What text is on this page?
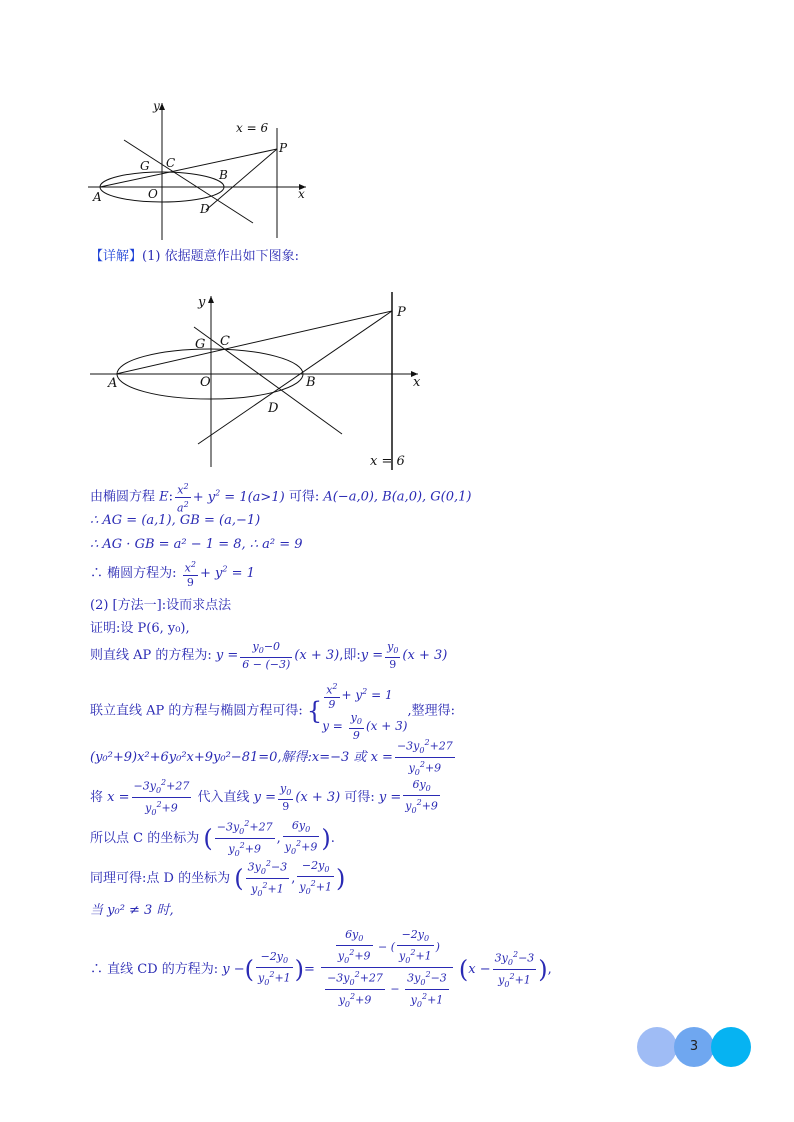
y
x
x = 6
P
C
G
B
O
A
D
【详解】(1) 依据题意作出如下图象:
y
x
x = 6
P
C
G
B
O
A
D
由椭圆方程 E: $\frac{x^2}{a^2} + y^2 = 1(a>1)$ 可得: A(−a,0), B(a,0), G(0,1)
∴ AG = (a,1), GB = (a,−1)
∴ AG · GB = a² − 1 = 8, ∴ a² = 9
∴ 椭圆方程为: $\frac{x^2}{9} + y^2 = 1$
(2) [方法一]:设而求点法
证明:设 P(6, y₀),
则直线 AP 的方程为: $y = \frac{y_0-0}{6 - (-3)} (x + 3)$,即:y = $\frac{y_0}{9} (x + 3)$
联立直线 AP 的方程与椭圆方程可得: {
$\frac{x^2}{9} + y^2 = 1$
$y = \frac{y_0}{9} (x + 3)$
,整理得:
(y₀²+9)x²+6y₀²x+9y₀²−81=0,解得:x=−3 或 $x = \frac{-3y_0^2+27}{y_0^2+9}$
将 $x = \frac{-3y_0^2+27}{y_0^2+9}$ 代入直线 $y = \frac{y_0}{9} (x + 3)$ 可得: $y = \frac{6y_0}{y_0^2+9}$
所以点 C 的坐标为 ( $\frac{-3y_0^2+27}{y_0^2+9}$ , $\frac{6y_0}{y_0^2+9}$ ).
同理可得:点 D 的坐标为 ( $\frac{3y_0^2-3}{y_0^2+1}$ , $\frac{-2y_0}{y_0^2+1}$ )
当 y₀² ≠ 3 时,
∴ 直线 CD 的方程为: y −( $\frac{-2y_0}{y_0^2+1}$ )= $\frac{\frac{6y_0}{y_0^2+9} - ( \frac{-2y_0}{y_0^2+1} )}{\frac{-3y_0^2+27}{y_0^2+9} - \frac{3y_0^2-3}{y_0^2+1}} (x - \frac{3y_0^2-3}{y_0^2+1}$ ),
3
